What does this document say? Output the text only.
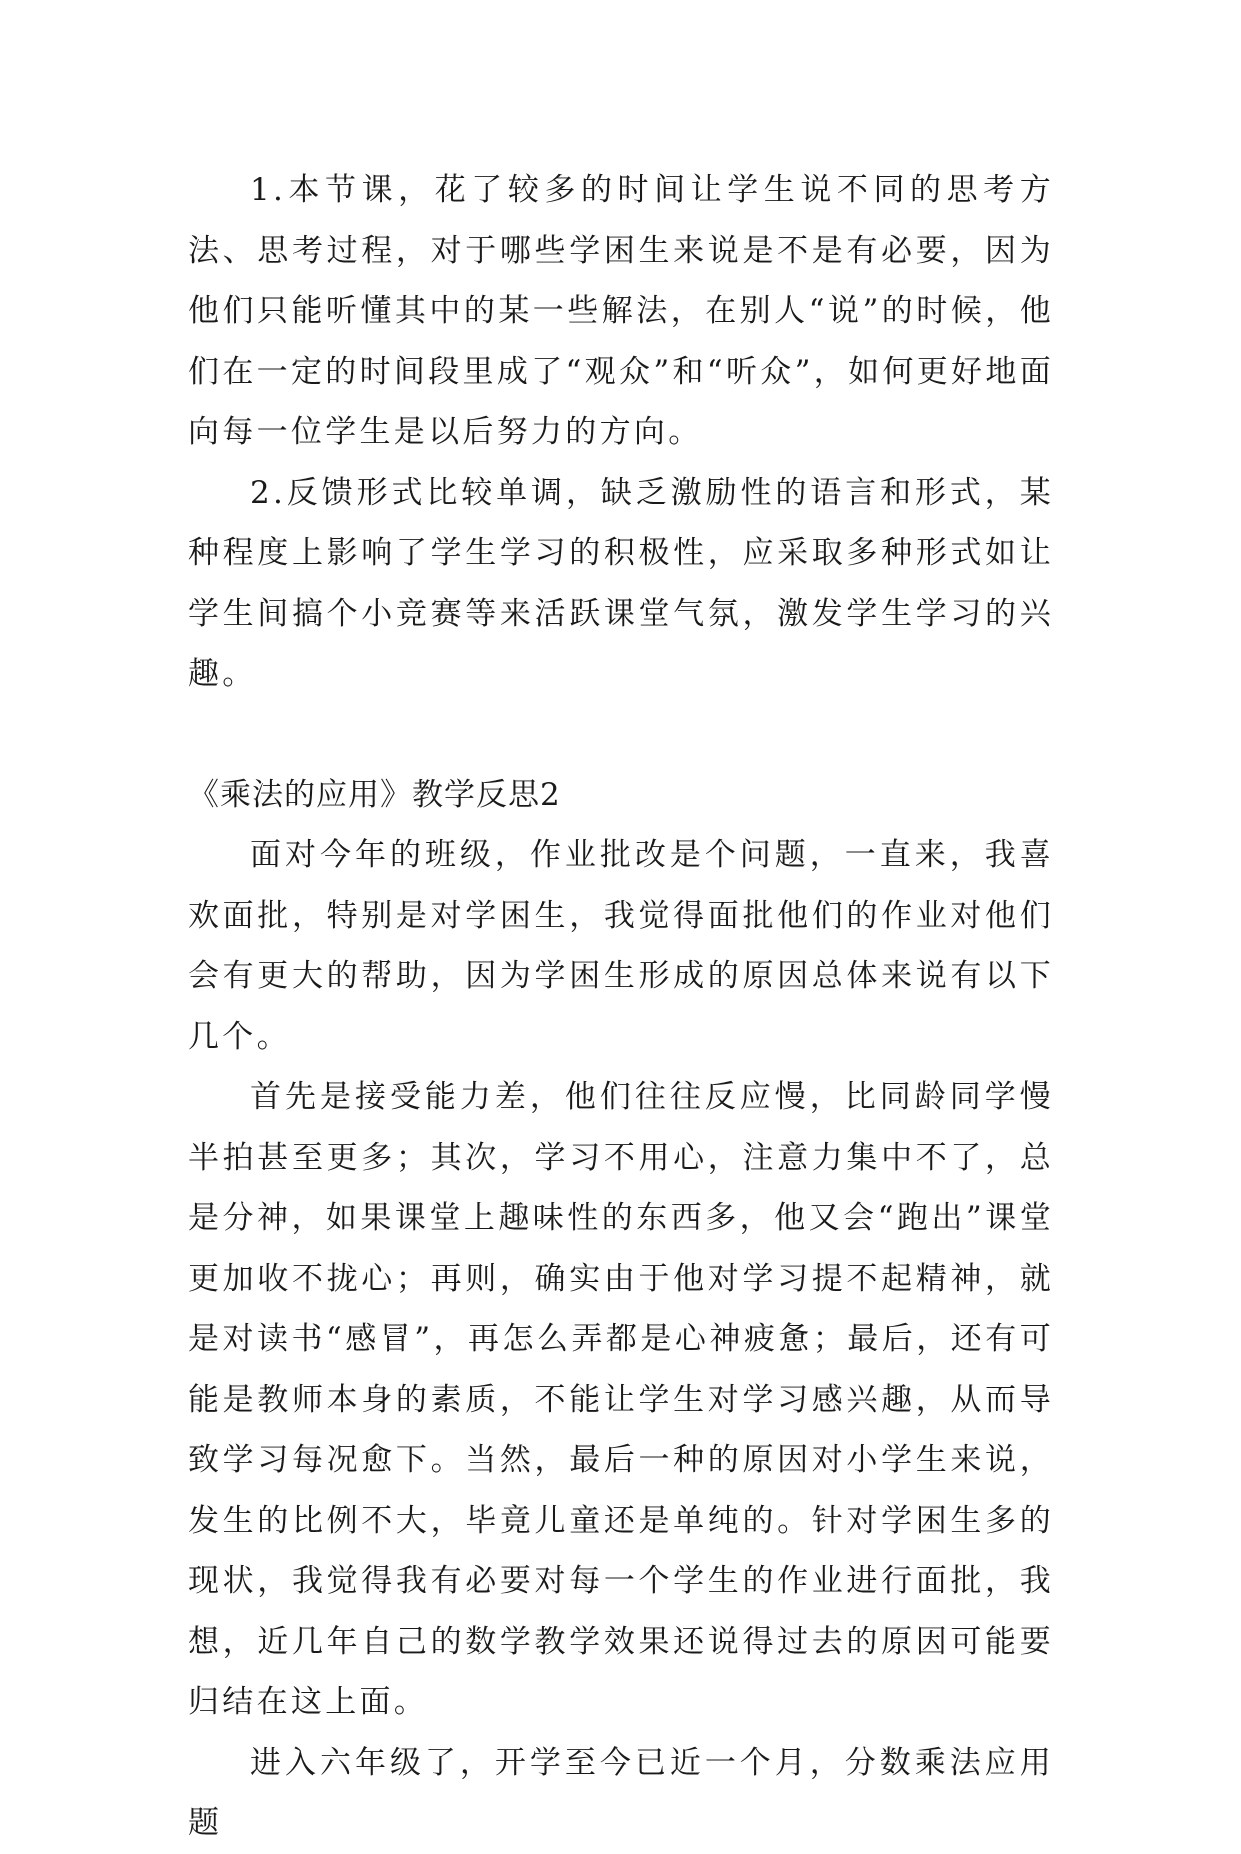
1.本节课，花了较多的时间让学生说不同的思考方法、思考过程，对于哪些学困生来说是不是有必要，因为他们只能听懂其中的某一些解法，在别人“说”的时候，他们在一定的时间段里成了“观众”和“听众”，如何更好地面向每一位学生是以后努力的方向。

2.反馈形式比较单调，缺乏激励性的语言和形式，某种程度上影响了学生学习的积极性，应采取多种形式如让学生间搞个小竞赛等来活跃课堂气氛，激发学生学习的兴趣。

《乘法的应用》教学反思2

面对今年的班级，作业批改是个问题，一直来，我喜欢面批，特别是对学困生，我觉得面批他们的作业对他们会有更大的帮助，因为学困生形成的原因总体来说有以下几个。

首先是接受能力差，他们往往反应慢，比同龄同学慢半拍甚至更多；其次，学习不用心，注意力集中不了，总是分神，如果课堂上趣味性的东西多，他又会“跑出”课堂更加收不拢心；再则，确实由于他对学习提不起精神，就是对读书“感冒”，再怎么弄都是心神疲惫；最后，还有可能是教师本身的素质，不能让学生对学习感兴趣，从而导致学习每况愈下。当然，最后一种的原因对小学生来说，发生的比例不大，毕竟儿童还是单纯的。针对学困生多的现状，我觉得我有必要对每一个学生的作业进行面批，我想，近几年自己的数学教学效果还说得过去的原因可能要归结在这上面。

进入六年级了，开学至今已近一个月，分数乘法应用题
